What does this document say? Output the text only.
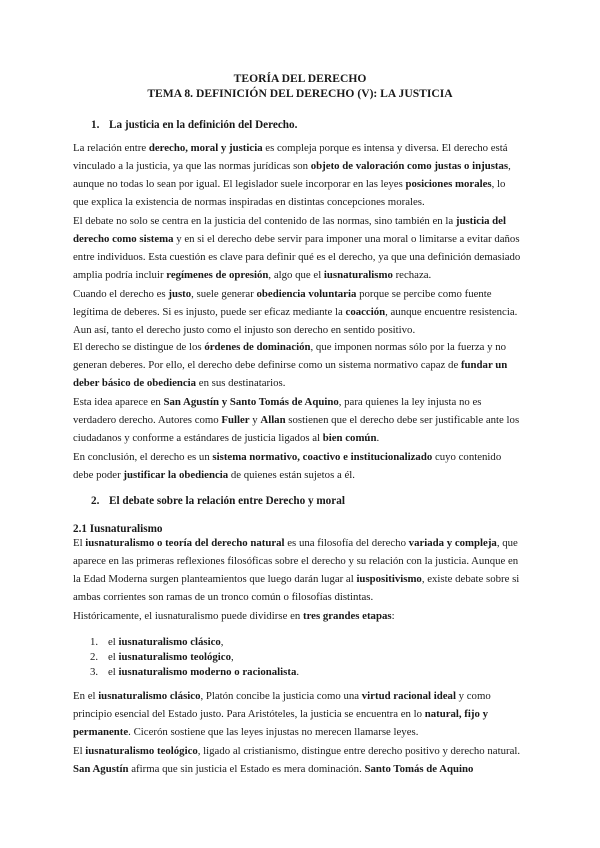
TEORÍA DEL DERECHO
TEMA 8. DEFINICIÓN DEL DERECHO (V): LA JUSTICIA
1. La justicia en la definición del Derecho.
La relación entre derecho, moral y justicia es compleja porque es intensa y diversa. El derecho está vinculado a la justicia, ya que las normas jurídicas son objeto de valoración como justas o injustas, aunque no todas lo sean por igual. El legislador suele incorporar en las leyes posiciones morales, lo que explica la existencia de normas inspiradas en distintas concepciones morales.
El debate no solo se centra en la justicia del contenido de las normas, sino también en la justicia del derecho como sistema y en si el derecho debe servir para imponer una moral o limitarse a evitar daños entre individuos. Esta cuestión es clave para definir qué es el derecho, ya que una definición demasiado amplia podría incluir regímenes de opresión, algo que el iusnaturalismo rechaza.
Cuando el derecho es justo, suele generar obediencia voluntaria porque se percibe como fuente legítima de deberes. Si es injusto, puede ser eficaz mediante la coacción, aunque encuentre resistencia. Aun así, tanto el derecho justo como el injusto son derecho en sentido positivo.
El derecho se distingue de los órdenes de dominación, que imponen normas sólo por la fuerza y no generan deberes. Por ello, el derecho debe definirse como un sistema normativo capaz de fundar un deber básico de obediencia en sus destinatarios.
Esta idea aparece en San Agustín y Santo Tomás de Aquino, para quienes la ley injusta no es verdadero derecho. Autores como Fuller y Allan sostienen que el derecho debe ser justificable ante los ciudadanos y conforme a estándares de justicia ligados al bien común.
En conclusión, el derecho es un sistema normativo, coactivo e institucionalizado cuyo contenido debe poder justificar la obediencia de quienes están sujetos a él.
2. El debate sobre la relación entre Derecho y moral
2.1 Iusnaturalismo
El iusnaturalismo o teoría del derecho natural es una filosofía del derecho variada y compleja, que aparece en las primeras reflexiones filosóficas sobre el derecho y su relación con la justicia. Aunque en la Edad Moderna surgen planteamientos que luego darán lugar al iuspositivismo, existe debate sobre si ambas corrientes son ramas de un tronco común o filosofías distintas.
Históricamente, el iusnaturalismo puede dividirse en tres grandes etapas:
1. el iusnaturalismo clásico,
2. el iusnaturalismo teológico,
3. el iusnaturalismo moderno o racionalista.
En el iusnaturalismo clásico, Platón concibe la justicia como una virtud racional ideal y como principio esencial del Estado justo. Para Aristóteles, la justicia se encuentra en lo natural, fijo y permanente. Cicerón sostiene que las leyes injustas no merecen llamarse leyes.
El iusnaturalismo teológico, ligado al cristianismo, distingue entre derecho positivo y derecho natural. San Agustín afirma que sin justicia el Estado es mera dominación. Santo Tomás de Aquino
